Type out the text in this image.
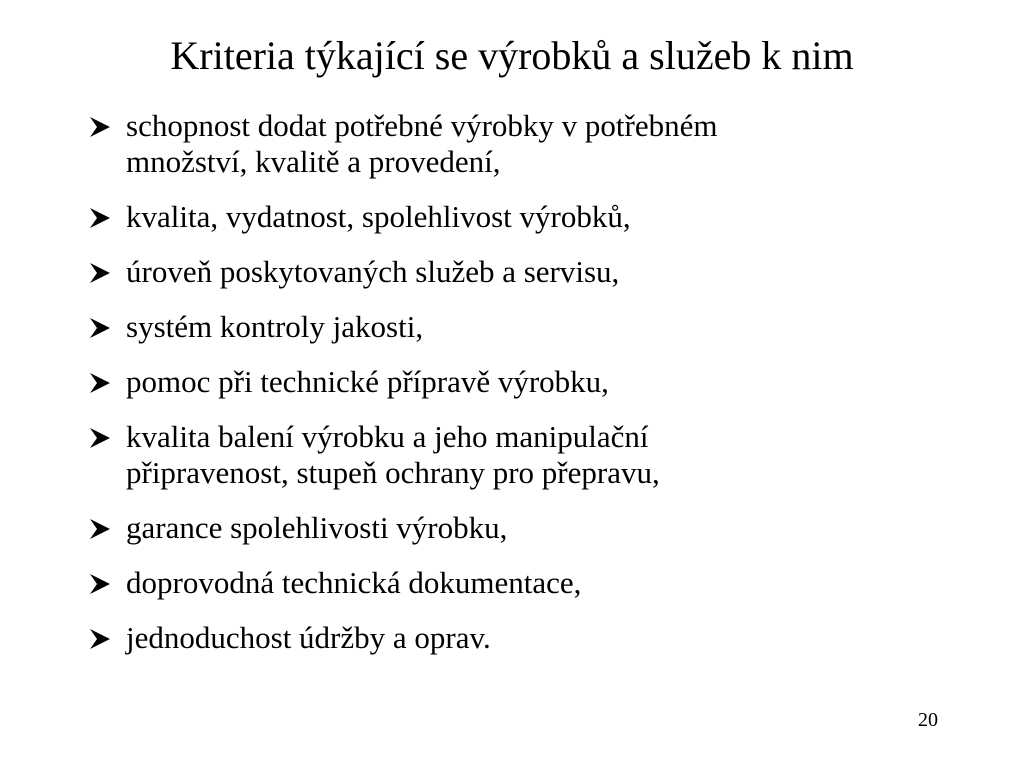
Kriteria týkající se výrobků a služeb k nim
schopnost dodat potřebné výrobky v potřebném
množství, kvalitě a provedení,
kvalita, vydatnost, spolehlivost výrobků,
úroveň poskytovaných služeb a servisu,
systém kontroly jakosti,
pomoc při technické přípravě výrobku,
kvalita balení výrobku a jeho manipulační
připravenost, stupeň ochrany pro přepravu,
garance spolehlivosti výrobku,
doprovodná technická dokumentace,
jednoduchost údržby a oprav.
20
